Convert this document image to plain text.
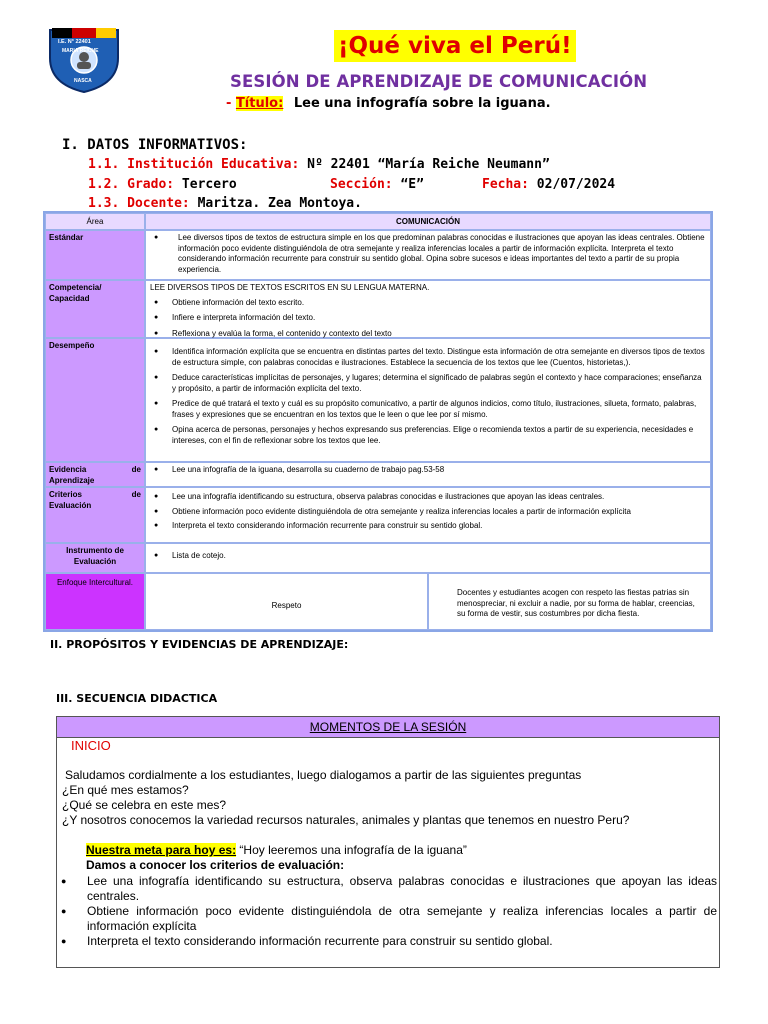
I.E. N° 22401
MARIA REICHE
NASCA
¡Qué viva el Perú!
SESIÓN DE APRENDIZAJE DE COMUNICACIÓN
- Título: Lee una infografía sobre la iguana.
I. DATOS INFORMATIVOS:
1.1. Institución Educativa: Nº 22401 “María Reiche Neumann”
1.2. Grado: Tercero	Sección: “E”	Fecha: 02/07/2024
1.3. Docente: Maritza. Zea Montoya.
Área	COMUNICACIÓN
Estándar
●	Lee diversos tipos de textos de estructura simple en los que predominan palabras conocidas e ilustraciones que apoyan las ideas centrales. Obtiene información poco evidente distinguiéndola de otra semejante y realiza inferencias locales a partir de información explícita. Interpreta el texto considerando información recurrente para construir su sentido global. Opina sobre sucesos e ideas importantes del texto a partir de su propia experiencia.
Competencia/ Capacidad
LEE DIVERSOS TIPOS DE TEXTOS ESCRITOS EN SU LENGUA MATERNA.
● Obtiene información del texto escrito.
● Infiere e interpreta información del texto.
● Reflexiona y evalúa la forma, el contenido y contexto del texto
Desempeño
● Identifica información explícita que se encuentra en distintas partes del texto. Distingue esta información de otra semejante en diversos tipos de textos de estructura simple, con palabras conocidas e ilustraciones. Establece la secuencia de los textos que lee (Cuentos, historietas,).
● Deduce características implícitas de personajes, y lugares; determina el significado de palabras según el contexto y hace comparaciones; enseñanza y propósito, a partir de información explícita del texto.
● Predice de qué tratará el texto y cuál es su propósito comunicativo, a partir de algunos indicios, como título, ilustraciones, silueta, formato, palabras, frases y expresiones que se encuentran en los textos que le leen o que lee por sí mismo.
● Opina acerca de personas, personajes y hechos expresando sus preferencias. Elige o recomienda textos a partir de su experiencia, necesidades e intereses, con el fin de reflexionar sobre los textos que lee.
Evidencia	de
Aprendizaje
● Lee una infografía de la iguana, desarrolla su cuaderno de trabajo pag.53-58
Criterios	de
Evaluación
● Lee una infografía identificando su estructura, observa palabras conocidas e ilustraciones que apoyan las ideas centrales.
● Obtiene información poco evidente distinguiéndola de otra semejante y realiza inferencias locales a partir de información explícita
● Interpreta el texto considerando información recurrente para construir su sentido global.
Instrumento de Evaluación
● Lista de cotejo.
Enfoque Intercultural.
Respeto
Docentes y estudiantes acogen con respeto las fiestas patrias sin menospreciar, ni excluir a nadie, por su forma de hablar, creencias, su forma de vestir, sus costumbres por dicha fiesta.
II. PROPÓSITOS Y EVIDENCIAS DE APRENDIZAJE:
III. SECUENCIA DIDACTICA
MOMENTOS DE LA SESIÓN
INICIO
Saludamos cordialmente a los estudiantes, luego dialogamos a partir de las siguientes preguntas
¿En qué mes estamos?
¿Qué se celebra en este mes?
¿Y nosotros conocemos la variedad recursos naturales, animales y plantas que tenemos en nuestro Peru?
Nuestra meta para hoy es: “Hoy leeremos una infografía de la iguana”
Damos a conocer los criterios de evaluación:
● Lee una infografía identificando su estructura, observa palabras conocidas e ilustraciones que apoyan las ideas centrales.
● Obtiene información poco evidente distinguiéndola de otra semejante y realiza inferencias locales a partir de información explícita
● Interpreta el texto considerando información recurrente para construir su sentido global.
